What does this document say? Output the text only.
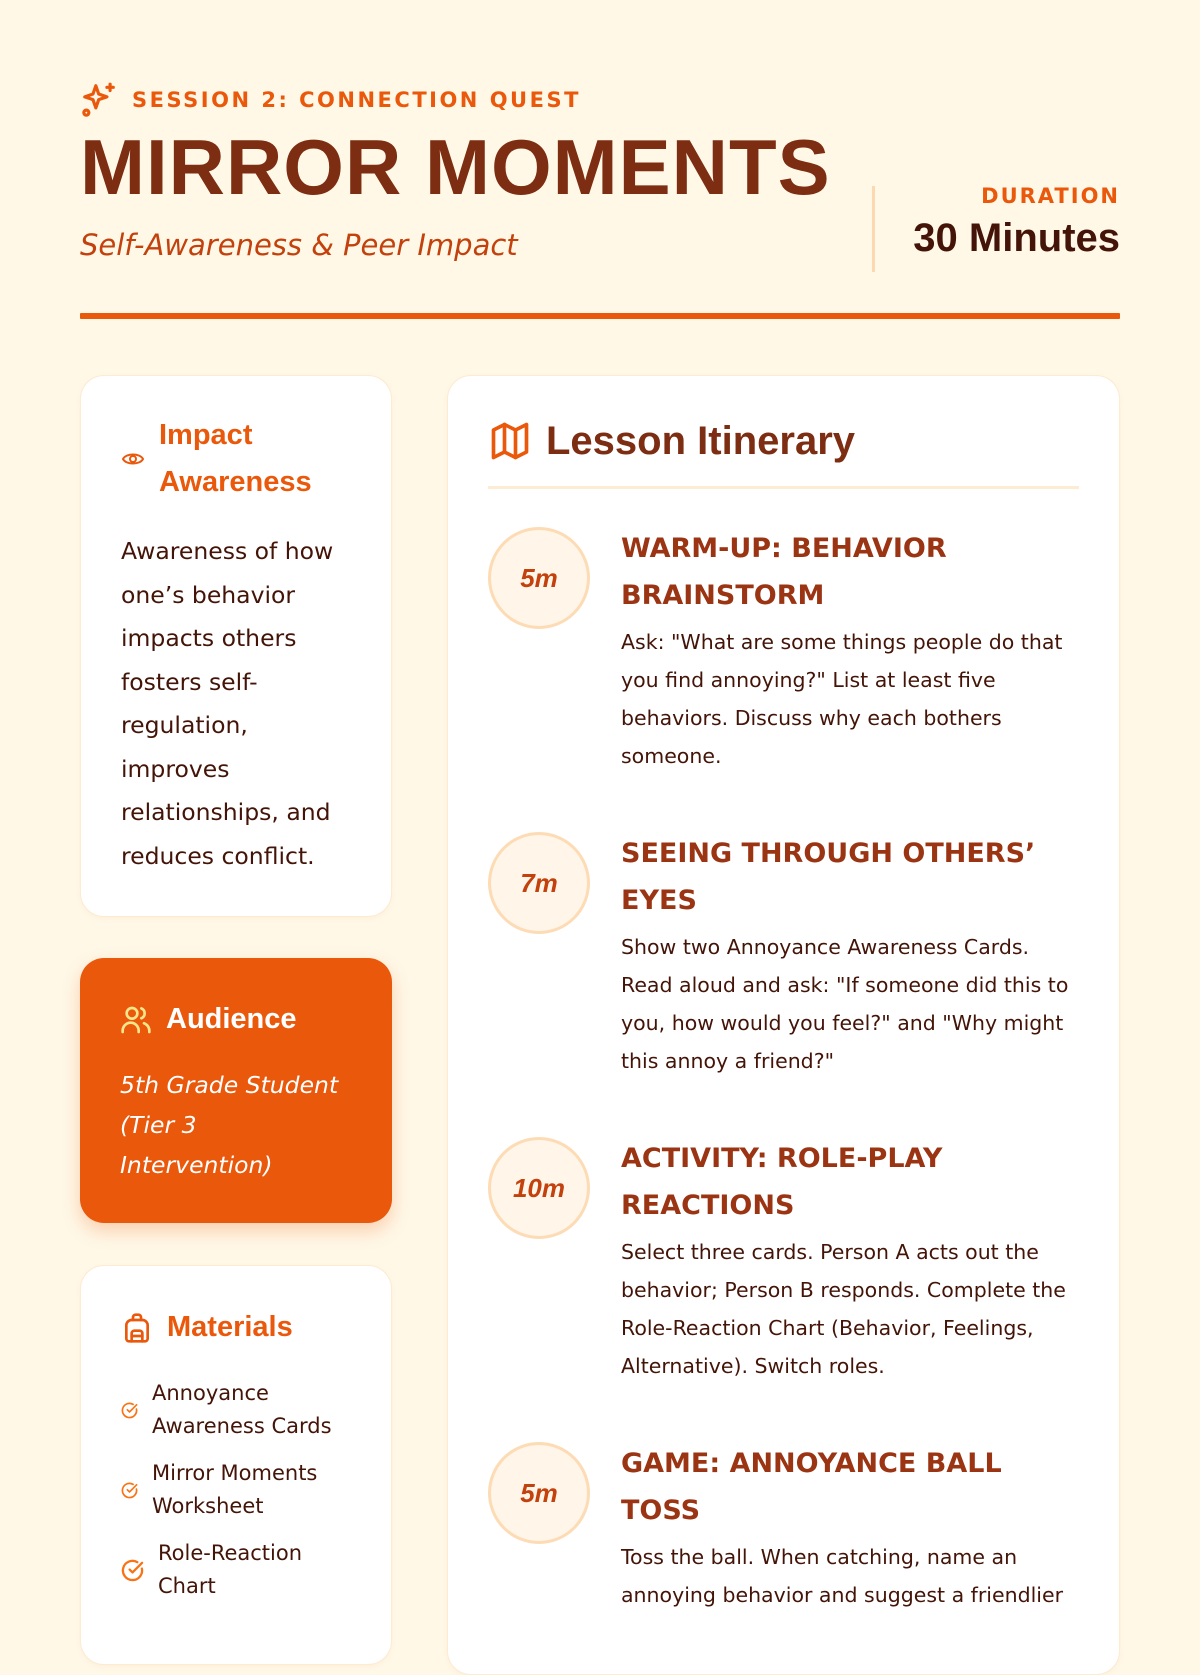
SESSION 2: CONNECTION QUEST
MIRROR MOMENTS
Self-Awareness & Peer Impact
DURATION
30 Minutes
Impact Awareness
Awareness of how one’s behavior impacts others fosters self-regulation, improves relationships, and reduces conflict.
Audience
5th Grade Student (Tier 3 Intervention)
Materials
Annoyance Awareness Cards
Mirror Moments Worksheet
Role-Reaction Chart
Lesson Itinerary
5m
WARM-UP: BEHAVIOR BRAINSTORM
Ask: "What are some things people do that you find annoying?" List at least five behaviors. Discuss why each bothers someone.
7m
SEEING THROUGH OTHERS’ EYES
Show two Annoyance Awareness Cards. Read aloud and ask: "If someone did this to you, how would you feel?" and "Why might this annoy a friend?"
10m
ACTIVITY: ROLE-PLAY REACTIONS
Select three cards. Person A acts out the behavior; Person B responds. Complete the Role-Reaction Chart (Behavior, Feelings, Alternative). Switch roles.
5m
GAME: ANNOYANCE BALL TOSS
Toss the ball. When catching, name an annoying behavior and suggest a friendlier
